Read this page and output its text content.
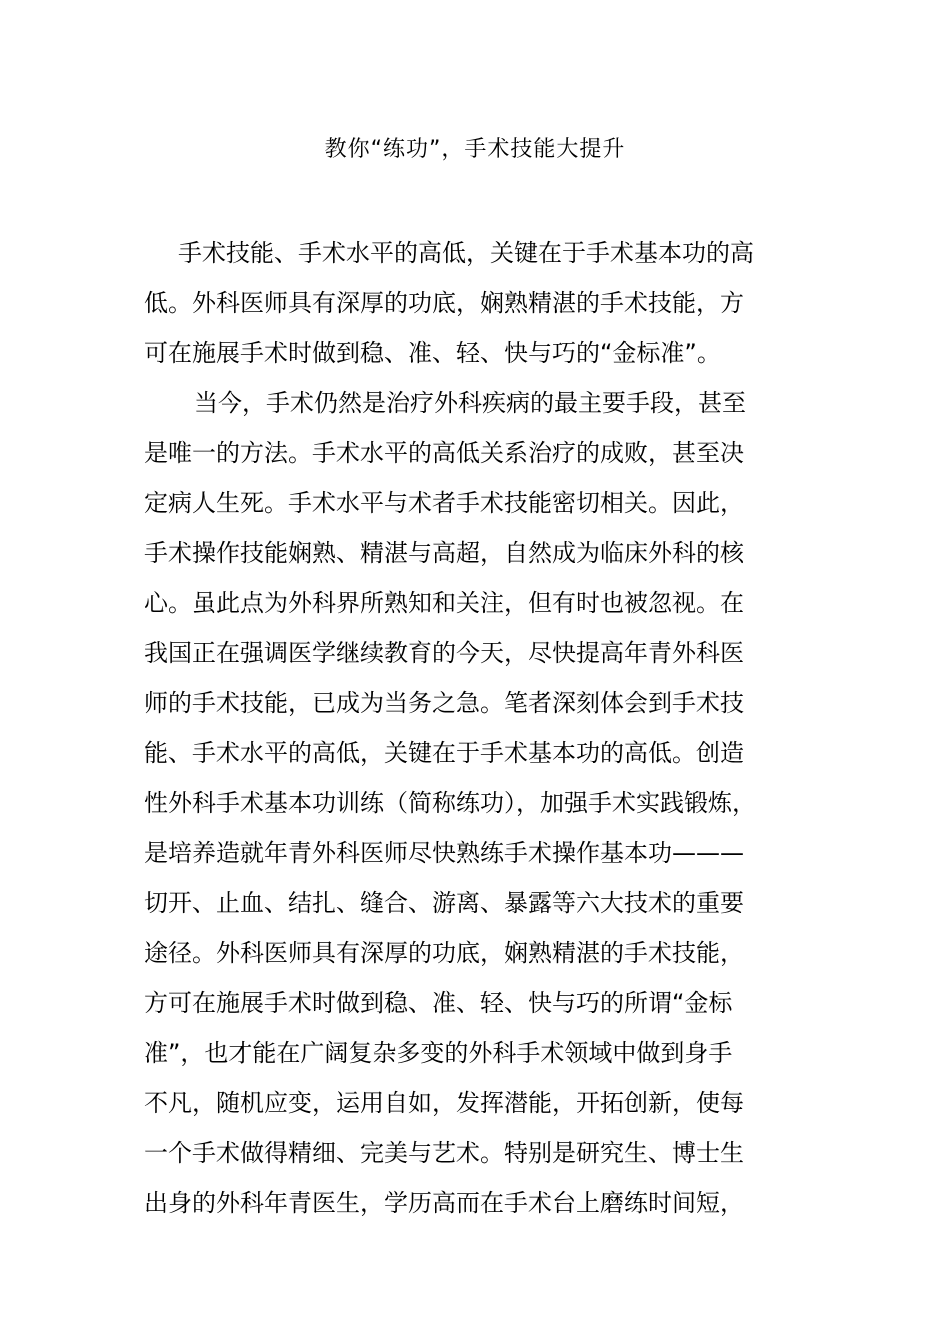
教你“练功”，手术技能大提升
手术技能、手术水平的高低，关键在于手术基本功的高
低。外科医师具有深厚的功底，娴熟精湛的手术技能，方
可在施展手术时做到稳、准、轻、快与巧的“金标准”。
当今，手术仍然是治疗外科疾病的最主要手段，甚至
是唯一的方法。手术水平的高低关系治疗的成败，甚至决
定病人生死。手术水平与术者手术技能密切相关。因此，
手术操作技能娴熟、精湛与高超，自然成为临床外科的核
心。虽此点为外科界所熟知和关注，但有时也被忽视。在
我国正在强调医学继续教育的今天，尽快提高年青外科医
师的手术技能，已成为当务之急。笔者深刻体会到手术技
能、手术水平的高低，关键在于手术基本功的高低。创造
性外科手术基本功训练（简称练功），加强手术实践锻炼，
是培养造就年青外科医师尽快熟练手术操作基本功———
切开、止血、结扎、缝合、游离、暴露等六大技术的重要
途径。外科医师具有深厚的功底，娴熟精湛的手术技能，
方可在施展手术时做到稳、准、轻、快与巧的所谓“金标
准”，也才能在广阔复杂多变的外科手术领域中做到身手
不凡，随机应变，运用自如，发挥潜能，开拓创新，使每
一个手术做得精细、完美与艺术。特别是研究生、博士生
出身的外科年青医生，学历高而在手术台上磨练时间短，
